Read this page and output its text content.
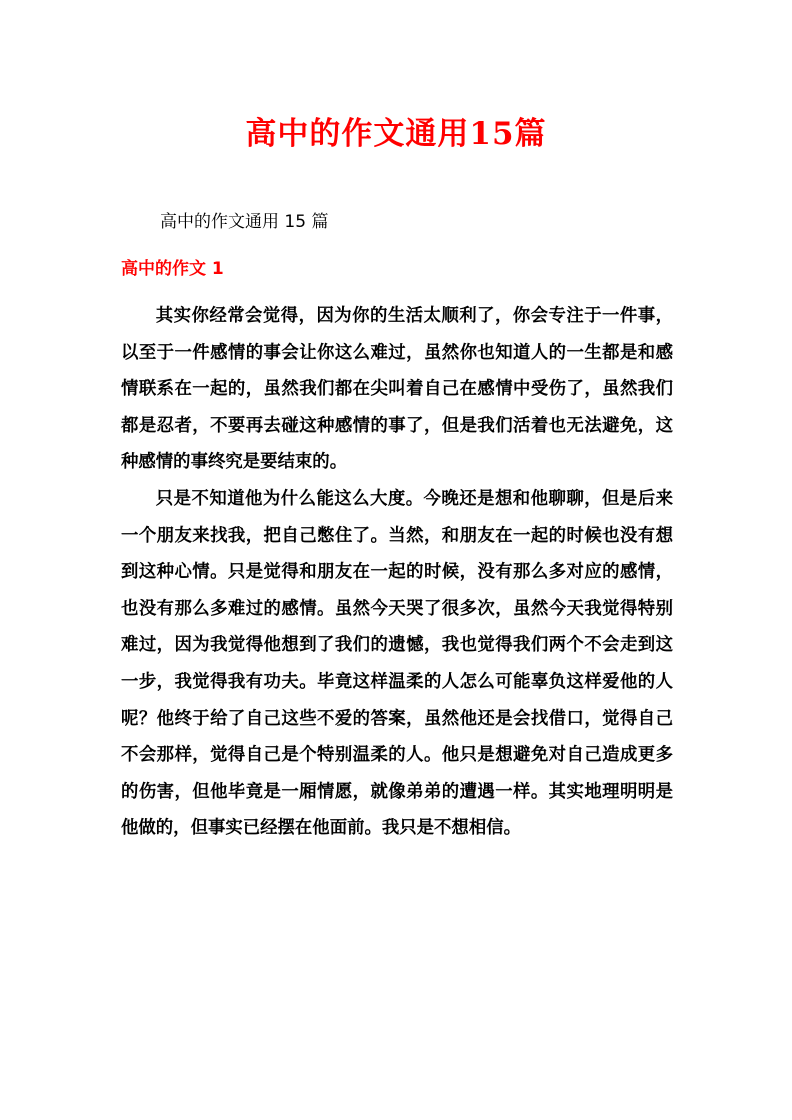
高中的作文通用15篇
高中的作文通用 15 篇
高中的作文 1

其实你经常会觉得，因为你的生活太顺利了，你会专注于一件事，以至于一件感情的事会让你这么难过，虽然你也知道人的一生都是和感情联系在一起的，虽然我们都在尖叫着自己在感情中受伤了，虽然我们都是忍者，不要再去碰这种感情的事了，但是我们活着也无法避免，这种感情的事终究是要结束的。

只是不知道他为什么能这么大度。今晚还是想和他聊聊，但是后来一个朋友来找我，把自己憋住了。当然，和朋友在一起的时候也没有想到这种心情。只是觉得和朋友在一起的时候，没有那么多对应的感情，也没有那么多难过的感情。虽然今天哭了很多次，虽然今天我觉得特别难过，因为我觉得他想到了我们的遗憾，我也觉得我们两个不会走到这一步，我觉得我有功夫。毕竟这样温柔的人怎么可能辜负这样爱他的人呢？他终于给了自己这些不爱的答案，虽然他还是会找借口，觉得自己不会那样，觉得自己是个特别温柔的人。他只是想避免对自己造成更多的伤害，但他毕竟是一厢情愿，就像弟弟的遭遇一样。其实地理明明是他做的，但事实已经摆在他面前。我只是不想相信。
